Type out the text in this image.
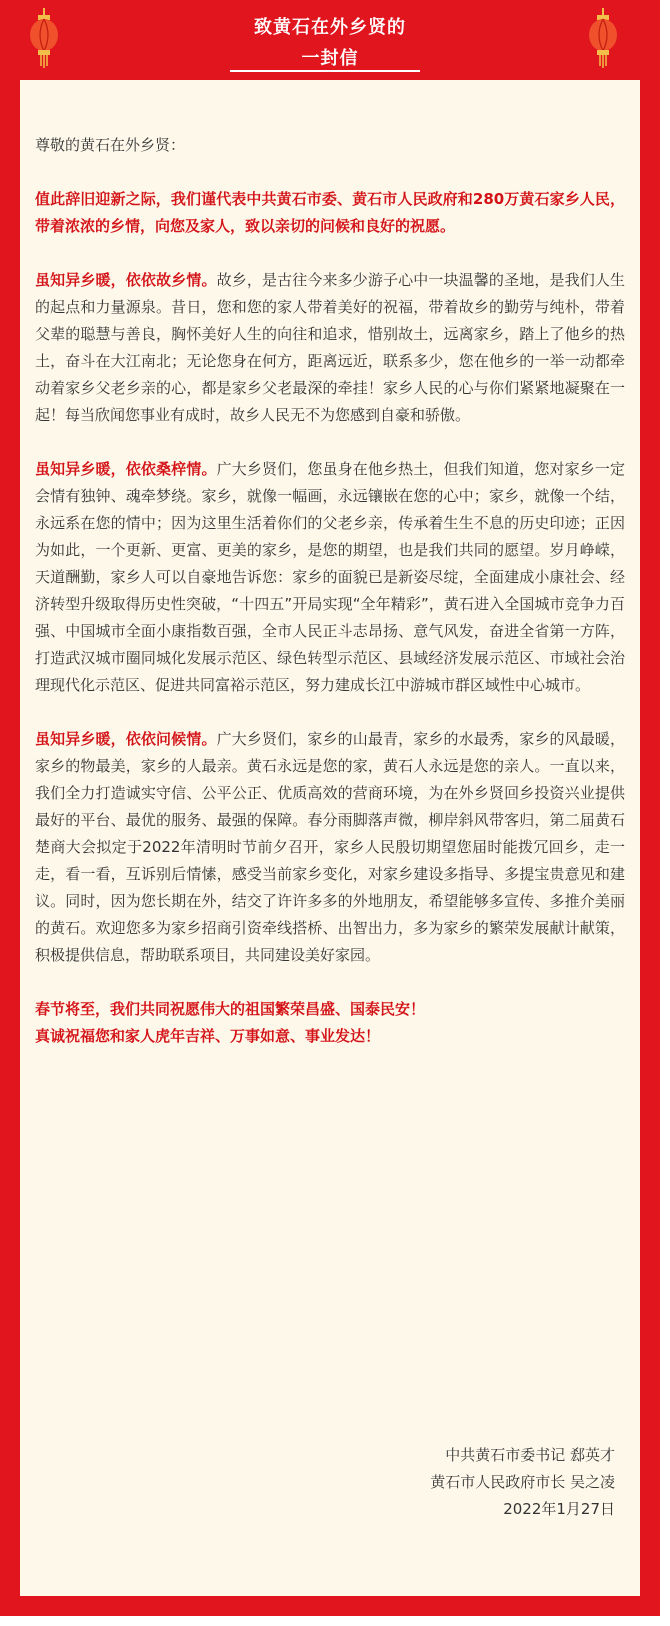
致黄石在外乡贤的
一封信

尊敬的黄石在外乡贤：

值此辞旧迎新之际，我们谨代表中共黄石市委、黄石市人民政府和280万黄石家乡人民，带着浓浓的乡情，向您及家人，致以亲切的问候和良好的祝愿。

虽知异乡暖，依依故乡情。故乡，是古往今来多少游子心中一块温馨的圣地，是我们人生的起点和力量源泉。昔日，您和您的家人带着美好的祝福，带着故乡的勤劳与纯朴，带着父辈的聪慧与善良，胸怀美好人生的向往和追求，惜别故土，远离家乡，踏上了他乡的热土，奋斗在大江南北；无论您身在何方，距离远近，联系多少，您在他乡的一举一动都牵动着家乡父老乡亲的心，都是家乡父老最深的牵挂！家乡人民的心与你们紧紧地凝聚在一起！每当欣闻您事业有成时，故乡人民无不为您感到自豪和骄傲。

虽知异乡暖，依依桑梓情。广大乡贤们，您虽身在他乡热土，但我们知道，您对家乡一定会情有独钟、魂牵梦绕。家乡，就像一幅画，永远镶嵌在您的心中；家乡，就像一个结，永远系在您的情中；因为这里生活着你们的父老乡亲，传承着生生不息的历史印迹；正因为如此，一个更新、更富、更美的家乡，是您的期望，也是我们共同的愿望。岁月峥嵘，天道酬勤，家乡人可以自豪地告诉您：家乡的面貌已是新姿尽绽，全面建成小康社会、经济转型升级取得历史性突破，“十四五”开局实现“全年精彩”，黄石进入全国城市竞争力百强、中国城市全面小康指数百强，全市人民正斗志昂扬、意气风发，奋进全省第一方阵，打造武汉城市圈同城化发展示范区、绿色转型示范区、县域经济发展示范区、市域社会治理现代化示范区、促进共同富裕示范区，努力建成长江中游城市群区域性中心城市。

虽知异乡暖，依依问候情。广大乡贤们，家乡的山最青，家乡的水最秀，家乡的风最暖，家乡的物最美，家乡的人最亲。黄石永远是您的家，黄石人永远是您的亲人。一直以来，我们全力打造诚实守信、公平公正、优质高效的营商环境，为在外乡贤回乡投资兴业提供最好的平台、最优的服务、最强的保障。春分雨脚落声微，柳岸斜风带客归，第二届黄石楚商大会拟定于2022年清明时节前夕召开，家乡人民殷切期望您届时能拨冗回乡，走一走，看一看，互诉别后情愫，感受当前家乡变化，对家乡建设多指导、多提宝贵意见和建议。同时，因为您长期在外，结交了许许多多的外地朋友，希望能够多宣传、多推介美丽的黄石。欢迎您多为家乡招商引资牵线搭桥、出智出力，多为家乡的繁荣发展献计献策，积极提供信息，帮助联系项目，共同建设美好家园。

春节将至，我们共同祝愿伟大的祖国繁荣昌盛、国泰民安！

真诚祝福您和家人虎年吉祥、万事如意、事业发达！

中共黄石市委书记 郄英才
黄石市人民政府市长 吴之凌
2022年1月27日
